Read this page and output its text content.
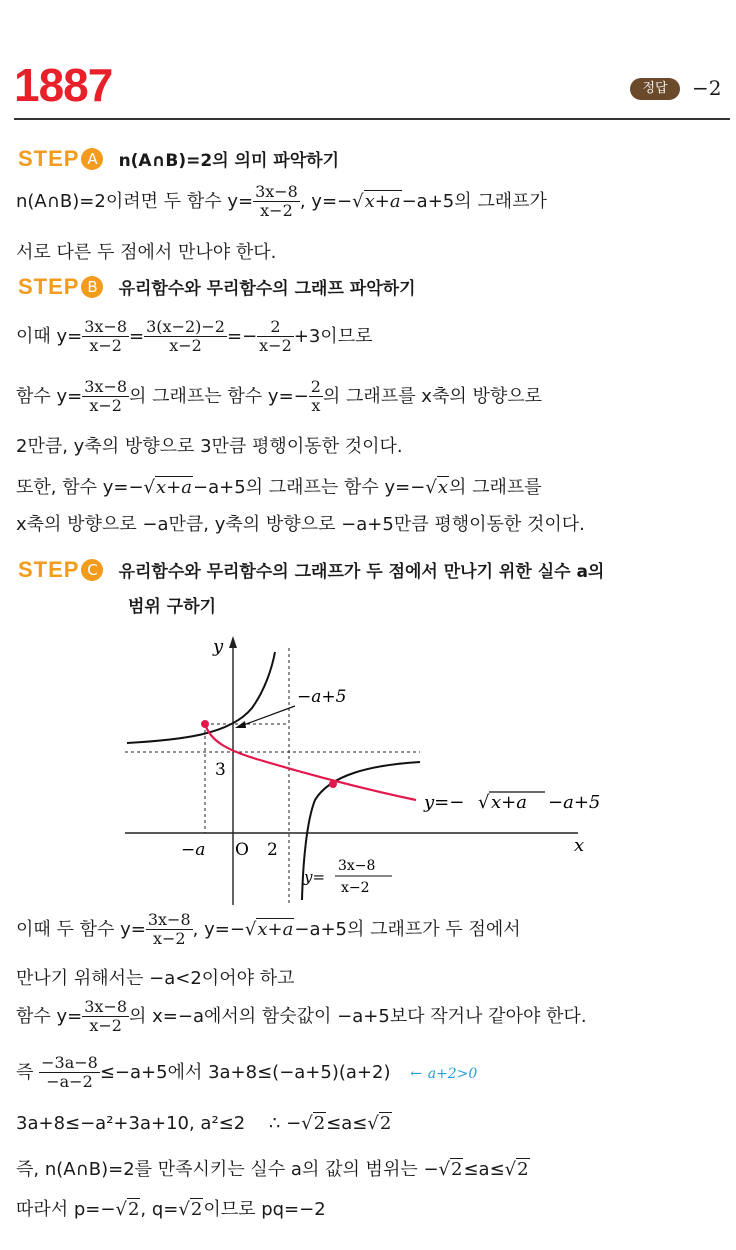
1887	정답	−2
STEP A n(A∩B)=2의 의미 파악하기
n(A∩B)=2이려면 두 함수 $y= \frac{3x-8}{x-2}$ , y=−√x+a−a+5의 그래프가
서로 다른 두 점에서 만나야 한다.
STEP B 유리함수와 무리함수의 그래프 파악하기
이때 $y= \frac{3x-8}{x-2} = \frac{3(x-2)-2}{x-2} =- \frac{2}{x-2} +3$이므로
함수 $y= \frac{3x-8}{x-2}$ 의 그래프는 함수 $y=- \frac{2}{x}$ 의 그래프를 x축의 방향으로
2만큼, y축의 방향으로 3만큼 평행이동한 것이다.
또한, 함수 y=−√x+a−a+5의 그래프는 함수 y=−√x의 그래프를
x축의 방향으로 −a만큼, y축의 방향으로 −a+5만큼 평행이동한 것이다.
STEP C 유리함수와 무리함수의 그래프가 두 점에서 만나기 위한 실수 a의
범위 구하기
y
x
O
−a	2
3
−a+5
y=− √ x+a −a+5
y=
3x−8
x−2
이때 두 함수 $y= \frac{3x-8}{x-2}$ , y=−√x+a−a+5의 그래프가 두 점에서
만나기 위해서는 −a<2이어야 하고
함수 $y= \frac{3x-8}{x-2}$ 의 x=−a에서의 함숫값이 −a+5보다 작거나 같아야 한다.
즉 $\frac{-3a-8}{-a-2} \le-a+5$에서 3a+8≤(−a+5)(a+2) ← a+2>0
3a+8≤−a²+3a+10, a²≤2 ∴ −√2≤a≤√2
즉, n(A∩B)=2를 만족시키는 실수 a의 값의 범위는 −√2≤a≤√2
따라서 p=−√2, q=√2이므로 pq=−2
